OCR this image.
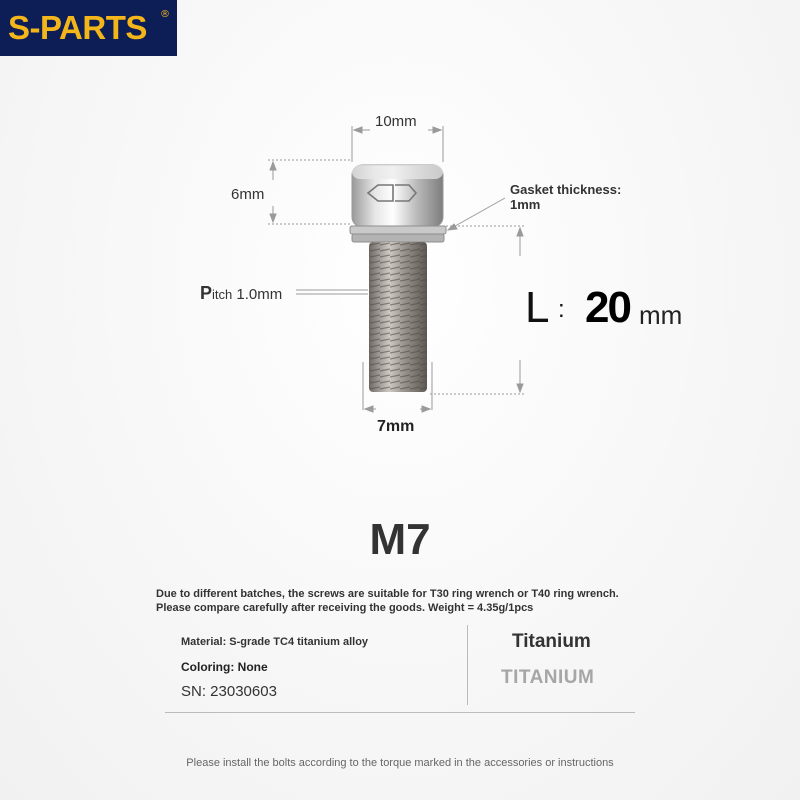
S-PARTS ®
10mm
6mm	Gasket thickness:
1mm
Pitch 1.0mm
7mm
L : 20 mm
M7
Due to different batches, the screws are suitable for T30 ring wrench or T40 ring wrench. Please compare carefully after receiving the goods. Weight = 4.35g/1pcs
Material: S-grade TC4 titanium alloy
Coloring: None
SN: 23030603
Titanium
TITANIUM
Please install the bolts according to the torque marked in the accessories or instructions
